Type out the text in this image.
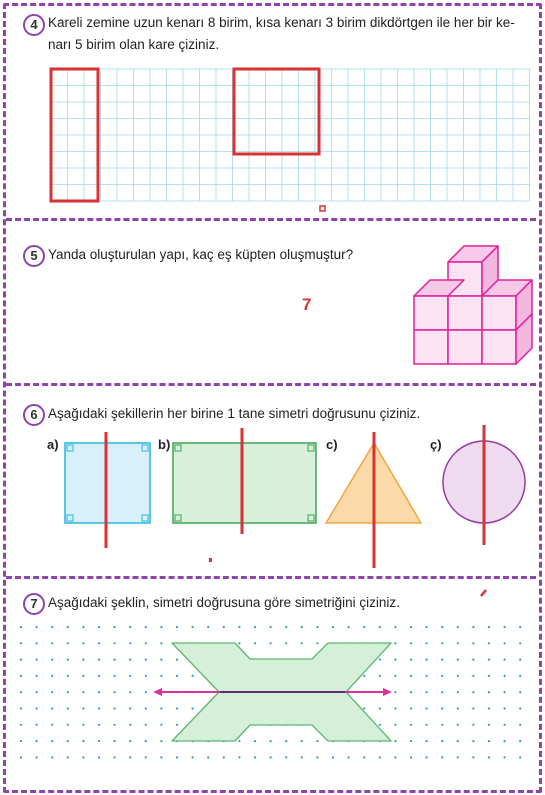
4 Kareli zemine uzun kenarı 8 birim, kısa kenarı 3 birim dikdörtgen ile her bir ke-
narı 5 birim olan kare çiziniz.
5 Yanda oluşturulan yapı, kaç eş küpten oluşmuştur?
7
6 Aşağıdaki şekillerin her birine 1 tane simetri doğrusunu çiziniz.
a)	b)	c)	ç)
7 Aşağıdaki şeklin, simetri doğrusuna göre simetriğini çiziniz.
